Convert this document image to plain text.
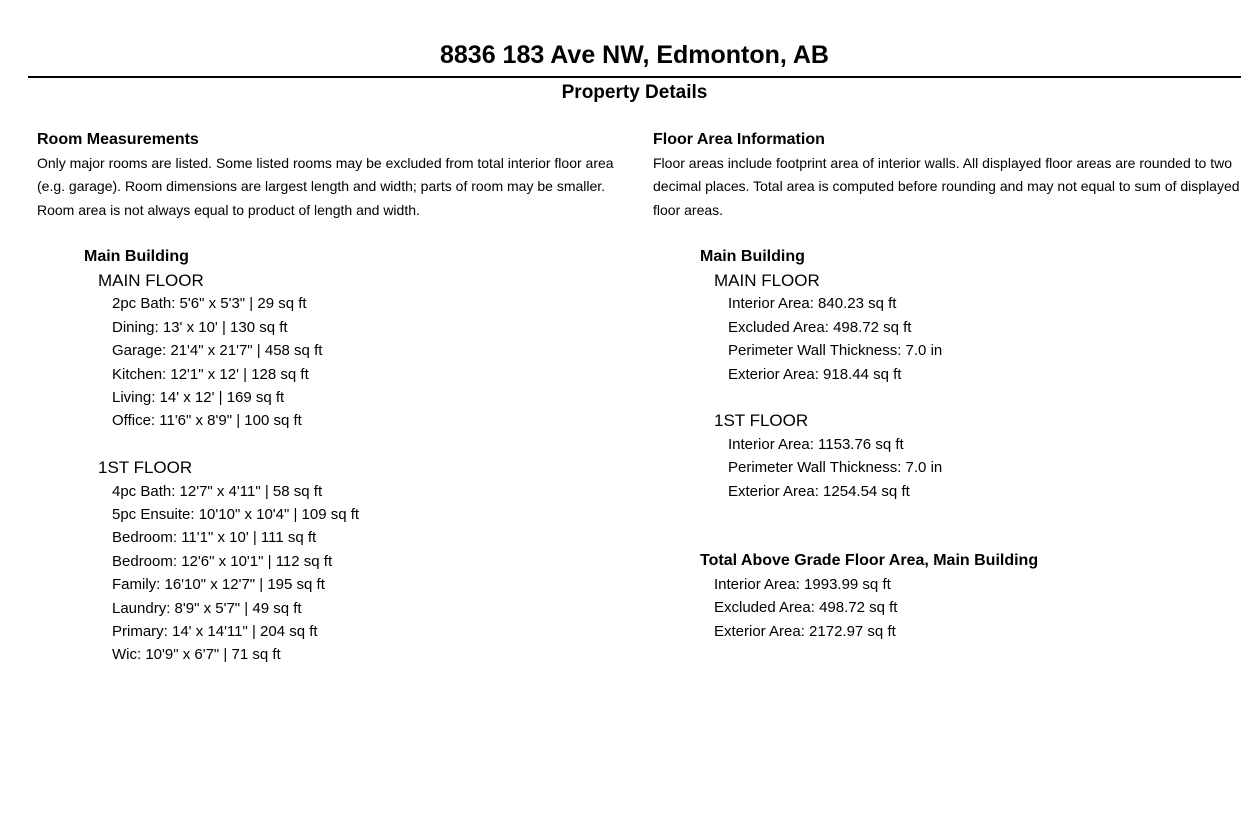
8836 183 Ave NW, Edmonton, AB
Property Details
Room Measurements

Only major rooms are listed. Some listed rooms may be excluded from total interior floor area (e.g. garage). Room dimensions are largest length and width; parts of room may be smaller. Room area is not always equal to product of length and width.

Main Building
MAIN FLOOR
2pc Bath: 5'6" x 5'3" | 29 sq ft
Dining: 13' x 10' | 130 sq ft
Garage: 21'4" x 21'7" | 458 sq ft
Kitchen: 12'1" x 12' | 128 sq ft
Living: 14' x 12' | 169 sq ft
Office: 11'6" x 8'9" | 100 sq ft
1ST FLOOR
4pc Bath: 12'7" x 4'11" | 58 sq ft
5pc Ensuite: 10'10" x 10'4" | 109 sq ft
Bedroom: 11'1" x 10' | 111 sq ft
Bedroom: 12'6" x 10'1" | 112 sq ft
Family: 16'10" x 12'7" | 195 sq ft
Laundry: 8'9" x 5'7" | 49 sq ft
Primary: 14' x 14'11" | 204 sq ft
Wic: 10'9" x 6'7" | 71 sq ft
Floor Area Information

Floor areas include footprint area of interior walls. All displayed floor areas are rounded to two decimal places. Total area is computed before rounding and may not equal to sum of displayed floor areas.

Main Building
MAIN FLOOR
Interior Area: 840.23 sq ft
Excluded Area: 498.72 sq ft
Perimeter Wall Thickness: 7.0 in
Exterior Area: 918.44 sq ft
1ST FLOOR
Interior Area: 1153.76 sq ft
Perimeter Wall Thickness: 7.0 in
Exterior Area: 1254.54 sq ft
Total Above Grade Floor Area, Main Building
Interior Area: 1993.99 sq ft
Excluded Area: 498.72 sq ft
Exterior Area: 2172.97 sq ft
